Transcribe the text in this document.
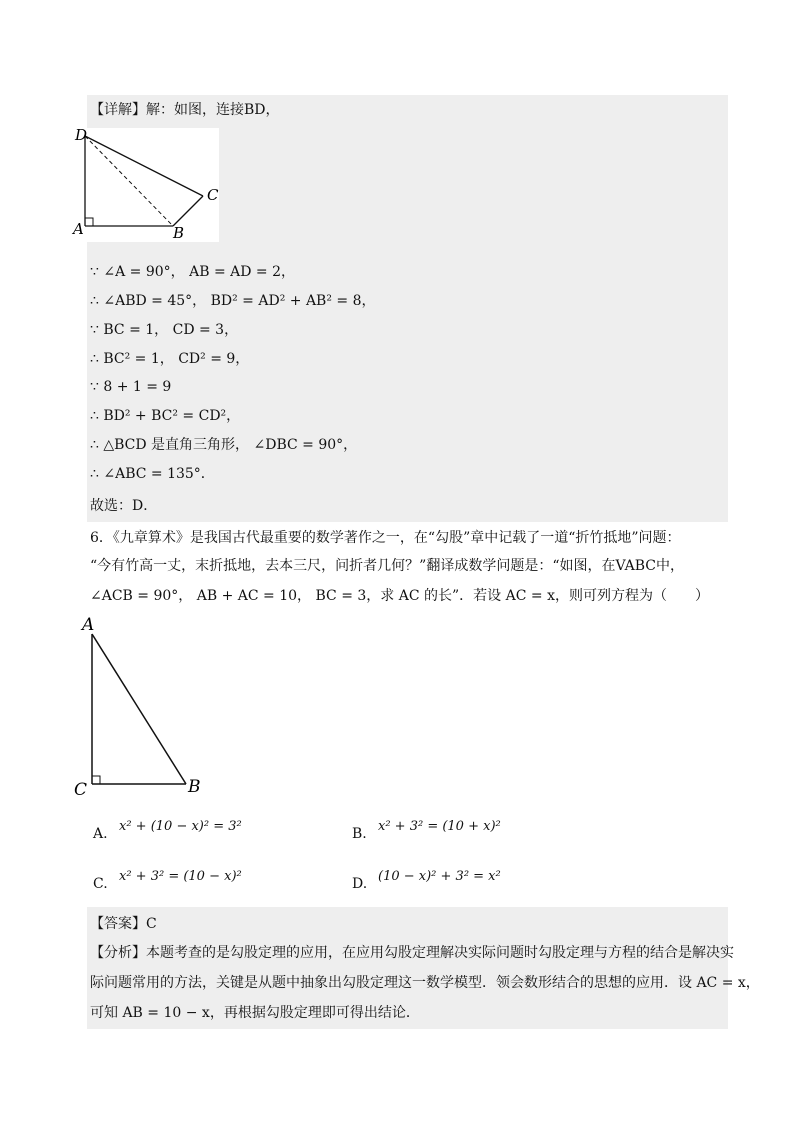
【详解】解：如图，连接BD，
D
C
A	B
∵ ∠A = 90°， AB = AD = 2，
∴ ∠ABD = 45°， BD² = AD² + AB² = 8，
∵ BC = 1， CD = 3，
∴ BC² = 1， CD² = 9，
∵ 8 + 1 = 9
∴ BD² + BC² = CD²，
∴ △BCD 是直角三角形， ∠DBC = 90°，
∴ ∠ABC = 135°．
故选：D．
6．《九章算术》是我国古代最重要的数学著作之一，在“勾股”章中记载了一道“折竹抵地”问题：
“今有竹高一丈，末折抵地，去本三尺，问折者几何？”翻译成数学问题是：“如图，在VABC中，
∠ACB = 90°， AB + AC = 10， BC = 3，求 AC 的长”．若设 AC = x，则可列方程为（　　）
A
C	B
A. x² + (10 − x)² = 3²	B. x² + 3² = (10 + x)²
C. x² + 3² = (10 − x)²	D. (10 − x)² + 3² = x²
【答案】C
【分析】本题考查的是勾股定理的应用，在应用勾股定理解决实际问题时勾股定理与方程的结合是解决实
际问题常用的方法，关键是从题中抽象出勾股定理这一数学模型．领会数形结合的思想的应用．设 AC = x，
可知 AB = 10 − x，再根据勾股定理即可得出结论．
